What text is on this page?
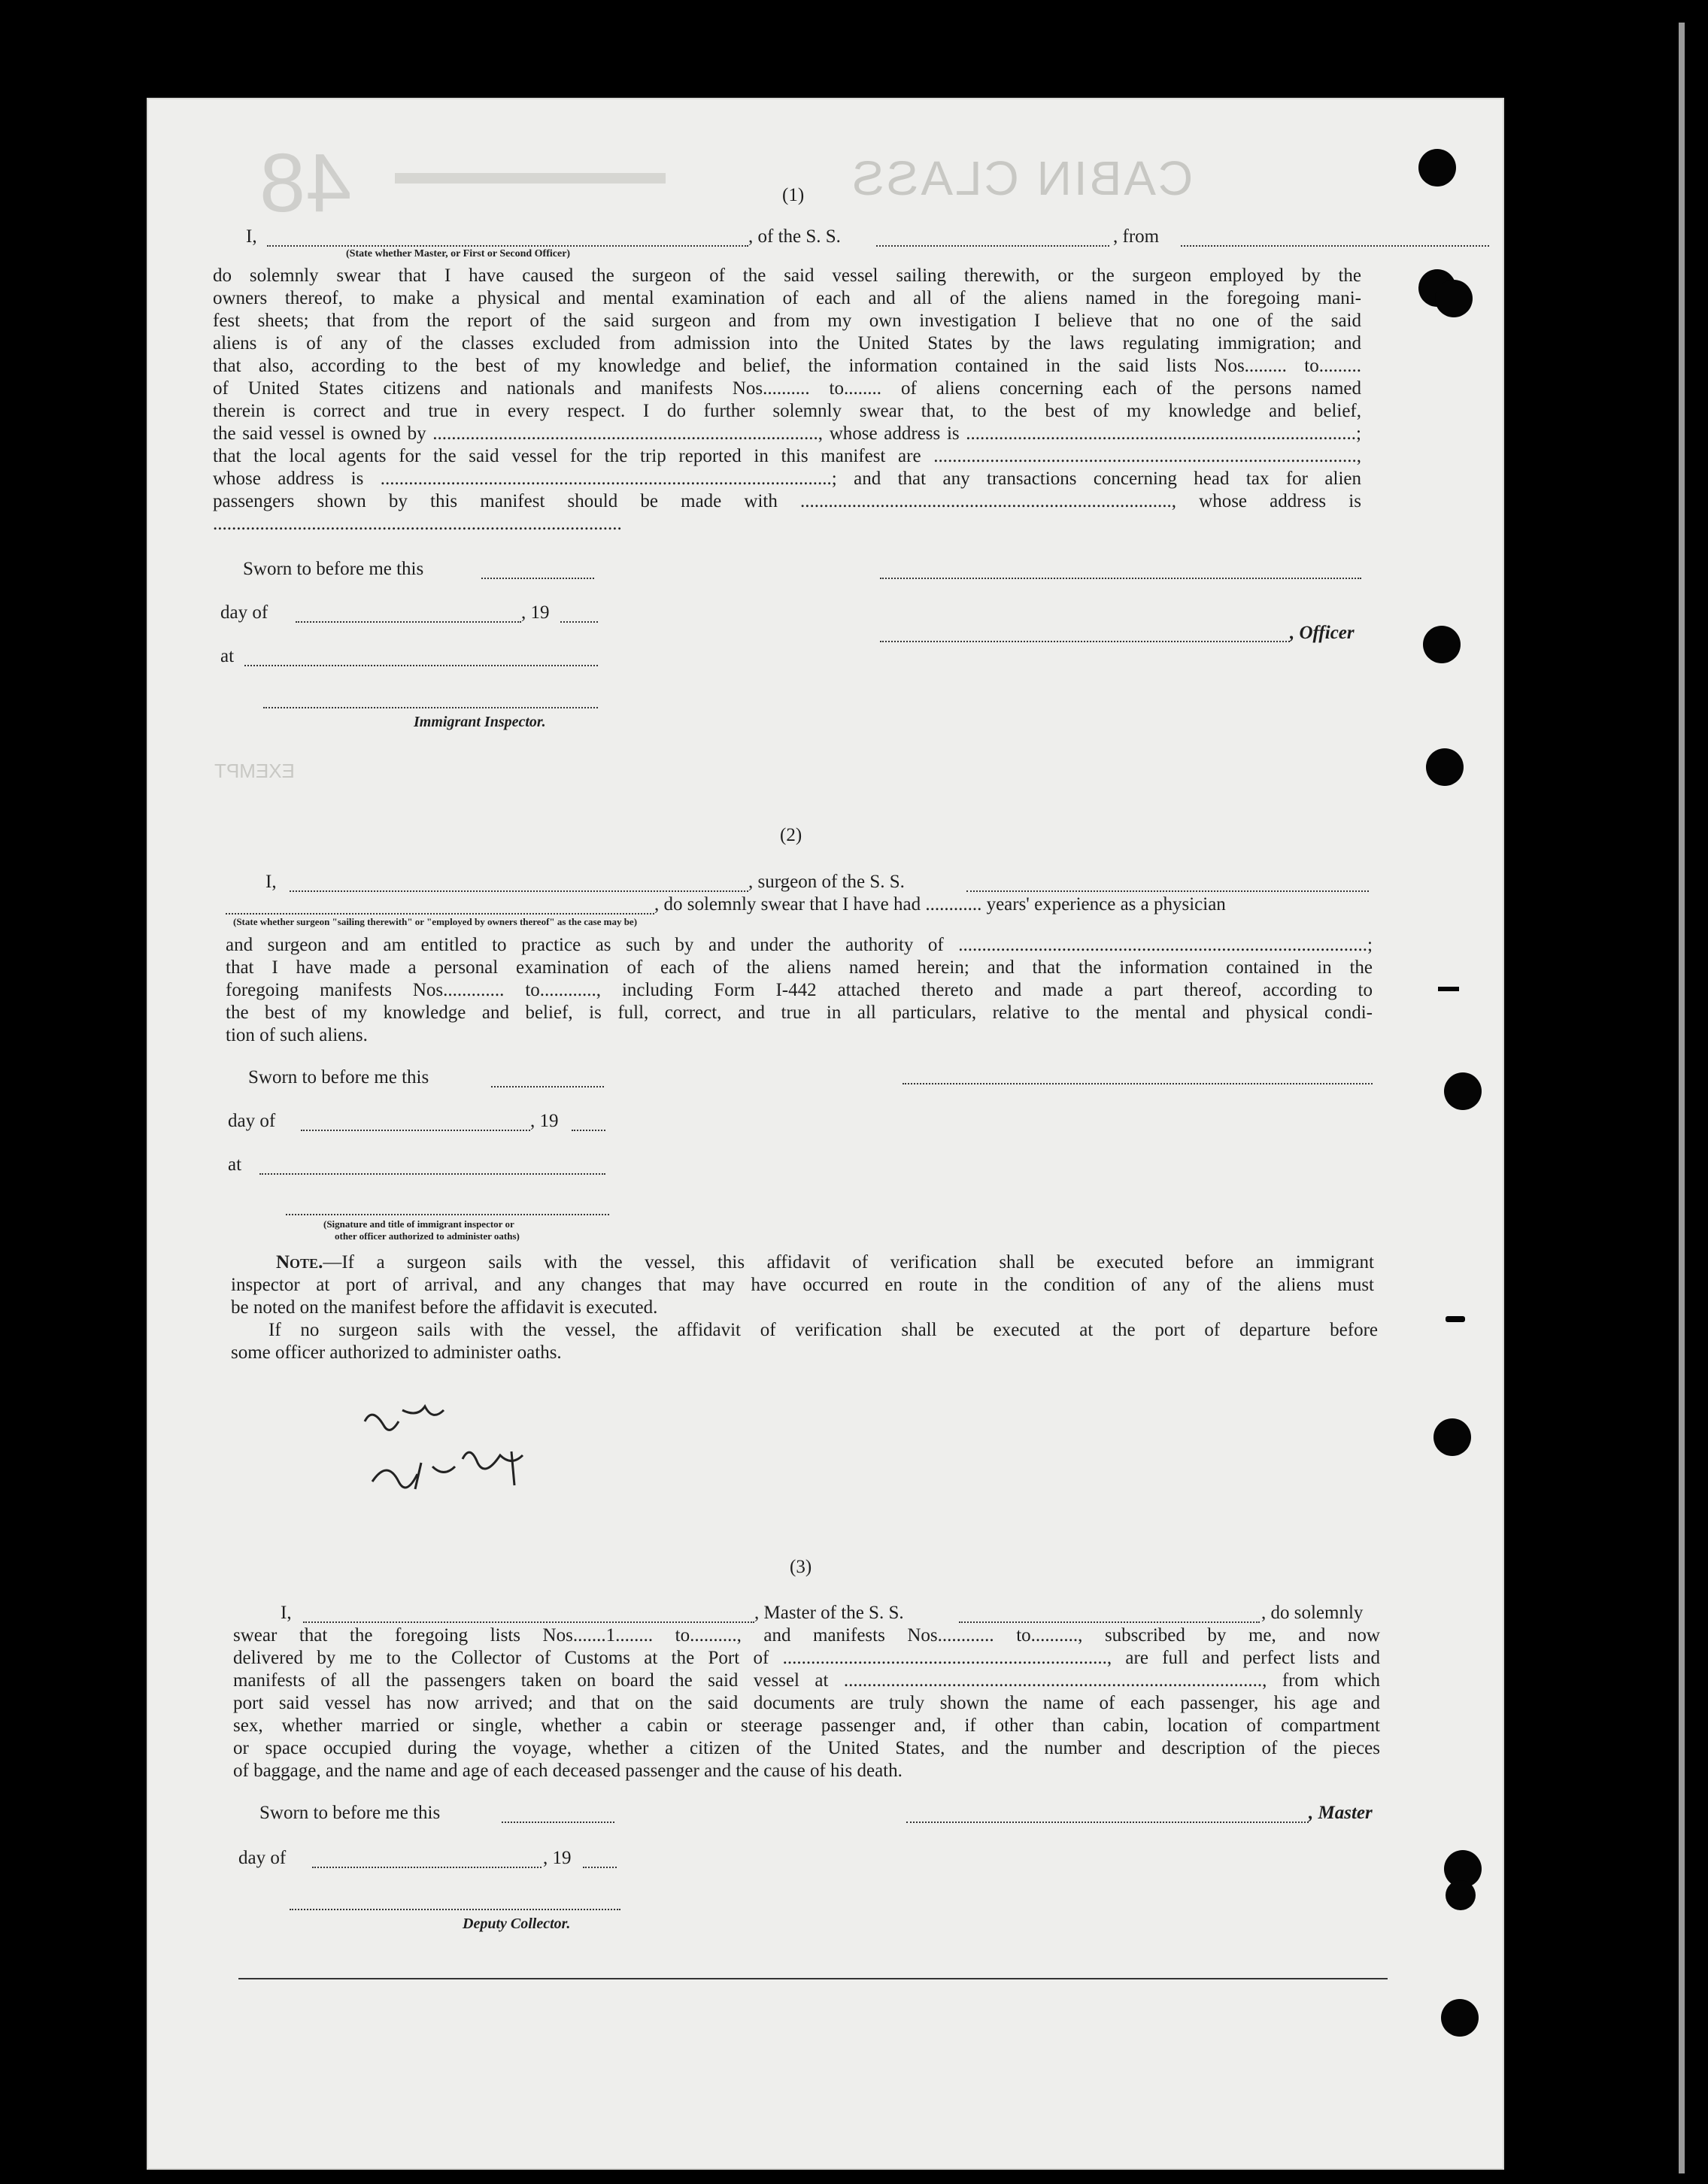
48	CABIN CLASS
(1)
I,	, of the S. S.	, from
(State whether Master, or First or Second Officer)
do solemnly swear that I have caused the surgeon of the said vessel sailing therewith, or the surgeon employed by the
owners thereof, to make a physical and mental examination of each and all of the aliens named in the foregoing mani-
fest sheets; that from the report of the said surgeon and from my own investigation I believe that no one of the said
aliens is of any of the classes excluded from admission into the United States by the laws regulating immigration; and
that also, according to the best of my knowledge and belief, the information contained in the said lists Nos......... to.........
of United States citizens and nationals and manifests Nos.......... to........ of aliens concerning each of the persons named
therein is correct and true in every respect. I do further solemnly swear that, to the best of my knowledge and belief,
the said vessel is owned by .................................................................................., whose address is ...................................................................................;
that the local agents for the said vessel for the trip reported in this manifest are ..........................................................................................,
whose address is ................................................................................................; and that any transactions concerning head tax for alien
passengers shown by this manifest should be made with ..............................................................................., whose address is
.......................................................................................
Sworn to before me this
day of	, 19
, Officer
at
Immigrant Inspector.
EXEMPT
(2)
I,	, surgeon of the S. S.
, do solemnly swear that I have had ............ years' experience as a physician
(State whether surgeon "sailing therewith" or "employed by owners thereof" as the case may be)
and surgeon and am entitled to practice as such by and under the authority of .......................................................................................;
that I have made a personal examination of each of the aliens named herein; and that the information contained in the
foregoing manifests Nos............. to............, including Form I-442 attached thereto and made a part thereof, according to
the best of my knowledge and belief, is full, correct, and true in all particulars, relative to the mental and physical condi-
tion of such aliens.
Sworn to before me this
day of	, 19
at
(Signature and title of immigrant inspector or
other officer authorized to administer oaths)
Note.—If a surgeon sails with the vessel, this affidavit of verification shall be executed before an immigrant
inspector at port of arrival, and any changes that may have occurred en route in the condition of any of the aliens must
be noted on the manifest before the affidavit is executed.
If no surgeon sails with the vessel, the affidavit of verification shall be executed at the port of departure before
some officer authorized to administer oaths.
(3)
I,	, Master of the S. S.	, do solemnly
swear that the foregoing lists Nos.......1........ to.........., and manifests Nos............ to.........., subscribed by me, and now
delivered by me to the Collector of Customs at the Port of ....................................................................., are full and perfect lists and
manifests of all the passengers taken on board the said vessel at ........................................................................................., from which
port said vessel has now arrived; and that on the said documents are truly shown the name of each passenger, his age and
sex, whether married or single, whether a cabin or steerage passenger and, if other than cabin, location of compartment
or space occupied during the voyage, whether a citizen of the United States, and the number and description of the pieces
of baggage, and the name and age of each deceased passenger and the cause of his death.
Sworn to before me this	, Master
day of	, 19
Deputy Collector.
